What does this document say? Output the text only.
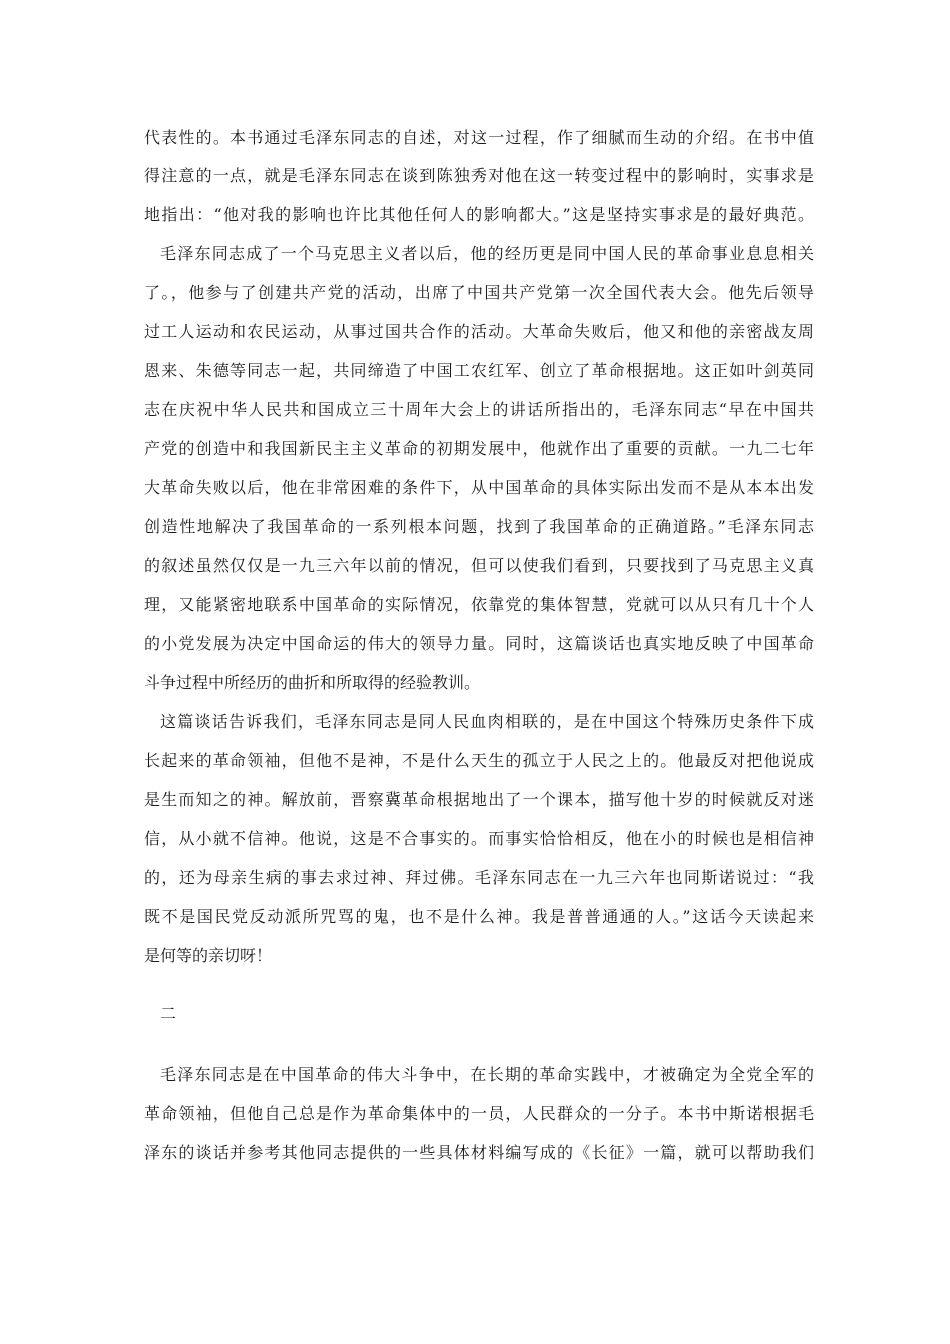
代表性的。本书通过毛泽东同志的自述，对这一过程，作了细腻而生动的介绍。在书中值
得注意的一点，就是毛泽东同志在谈到陈独秀对他在这一转变过程中的影响时，实事求是
地指出：“他对我的影响也许比其他任何人的影响都大。”这是坚持实事求是的最好典范。
毛泽东同志成了一个马克思主义者以后，他的经历更是同中国人民的革命事业息息相关
了。，他参与了创建共产党的活动，出席了中国共产党第一次全国代表大会。他先后领导
过工人运动和农民运动，从事过国共合作的活动。大革命失败后，他又和他的亲密战友周
恩来、朱德等同志一起，共同缔造了中国工农红军、创立了革命根据地。这正如叶剑英同
志在庆祝中华人民共和国成立三十周年大会上的讲话所指出的，毛泽东同志“早在中国共
产党的创造中和我国新民主主义革命的初期发展中，他就作出了重要的贡献。一九二七年
大革命失败以后，他在非常困难的条件下，从中国革命的具体实际出发而不是从本本出发
创造性地解决了我国革命的一系列根本问题，找到了我国革命的正确道路。”毛泽东同志
的叙述虽然仅仅是一九三六年以前的情况，但可以使我们看到，只要找到了马克思主义真
理，又能紧密地联系中国革命的实际情况，依靠党的集体智慧，党就可以从只有几十个人
的小党发展为决定中国命运的伟大的领导力量。同时，这篇谈话也真实地反映了中国革命
斗争过程中所经历的曲折和所取得的经验教训。
这篇谈话告诉我们，毛泽东同志是同人民血肉相联的，是在中国这个特殊历史条件下成
长起来的革命领袖，但他不是神，不是什么天生的孤立于人民之上的。他最反对把他说成
是生而知之的神。解放前，晋察冀革命根据地出了一个课本，描写他十岁的时候就反对迷
信，从小就不信神。他说，这是不合事实的。而事实恰恰相反，他在小的时候也是相信神
的，还为母亲生病的事去求过神、拜过佛。毛泽东同志在一九三六年也同斯诺说过：“我
既不是国民党反动派所咒骂的鬼，也不是什么神。我是普普通通的人。”这话今天读起来
是何等的亲切呀！
二
毛泽东同志是在中国革命的伟大斗争中，在长期的革命实践中，才被确定为全党全军的
革命领袖，但他自己总是作为革命集体中的一员，人民群众的一分子。本书中斯诺根据毛
泽东的谈话并参考其他同志提供的一些具体材料编写成的《长征》一篇，就可以帮助我们
